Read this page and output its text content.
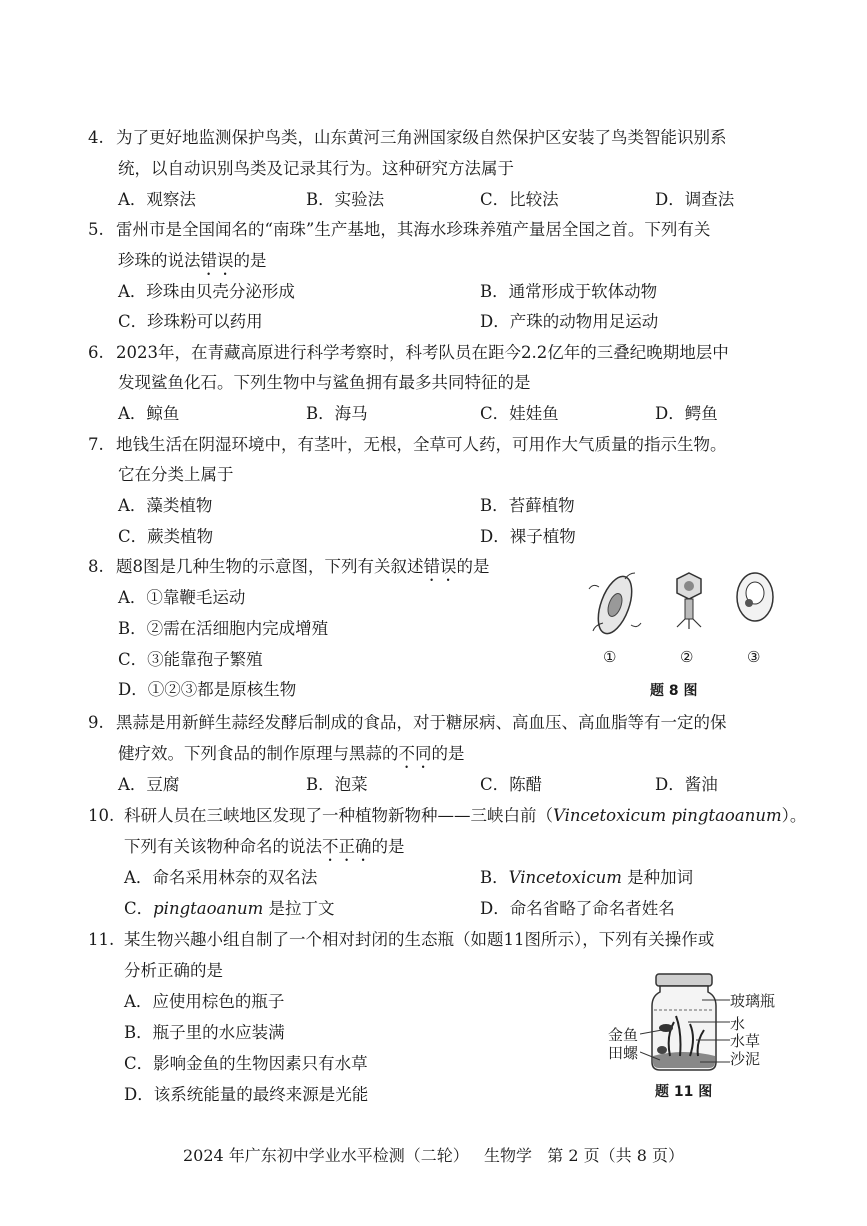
4. 为了更好地监测保护鸟类，山东黄河三角洲国家级自然保护区安装了鸟类智能识别系
统，以自动识别鸟类及记录其行为。这种研究方法属于
A．观察法	B．实验法	C．比较法	D．调查法
5. 雷州市是全国闻名的“南珠”生产基地，其海水珍珠养殖产量居全国之首。下列有关
珍珠的说法错误的是
A．珍珠由贝壳分泌形成	B．通常形成于软体动物
C．珍珠粉可以药用	D．产珠的动物用足运动
6. 2023年，在青藏高原进行科学考察时，科考队员在距今2.2亿年的三叠纪晚期地层中
发现鲨鱼化石。下列生物中与鲨鱼拥有最多共同特征的是
A．鲸鱼	B．海马	C．娃娃鱼	D．鳄鱼
7. 地钱生活在阴湿环境中，有茎叶，无根，全草可人药，可用作大气质量的指示生物。
它在分类上属于
A．藻类植物	B．苔藓植物
C．蕨类植物	D．裸子植物
8. 题8图是几种生物的示意图，下列有关叙述错误的是
A．①靠鞭毛运动
B．②需在活细胞内完成增殖
C．③能靠孢子繁殖
D．①②③都是原核生物
①	②	③
题 8 图
9. 黑蒜是用新鲜生蒜经发酵后制成的食品，对于糖尿病、高血压、高血脂等有一定的保
健疗效。下列食品的制作原理与黑蒜的不同的是
A．豆腐	B．泡菜	C．陈醋	D．酱油
10. 科研人员在三峡地区发现了一种植物新物种——三峡白前（Vincetoxicum pingtaoanum）。
下列有关该物种命名的说法不正确的是
A．命名采用林奈的双名法	B．Vincetoxicum 是种加词
C．pingtaoanum 是拉丁文	D．命名省略了命名者姓名
11. 某生物兴趣小组自制了一个相对封闭的生态瓶（如题11图所示），下列有关操作或
分析正确的是
A．应使用棕色的瓶子
B．瓶子里的水应装满
C．影响金鱼的生物因素只有水草
D．该系统能量的最终来源是光能
玻璃瓶
水
水草
沙泥
金鱼
田螺
题 11 图
2024 年广东初中学业水平检测（二轮）   生物学   第 2 页（共 8 页）
